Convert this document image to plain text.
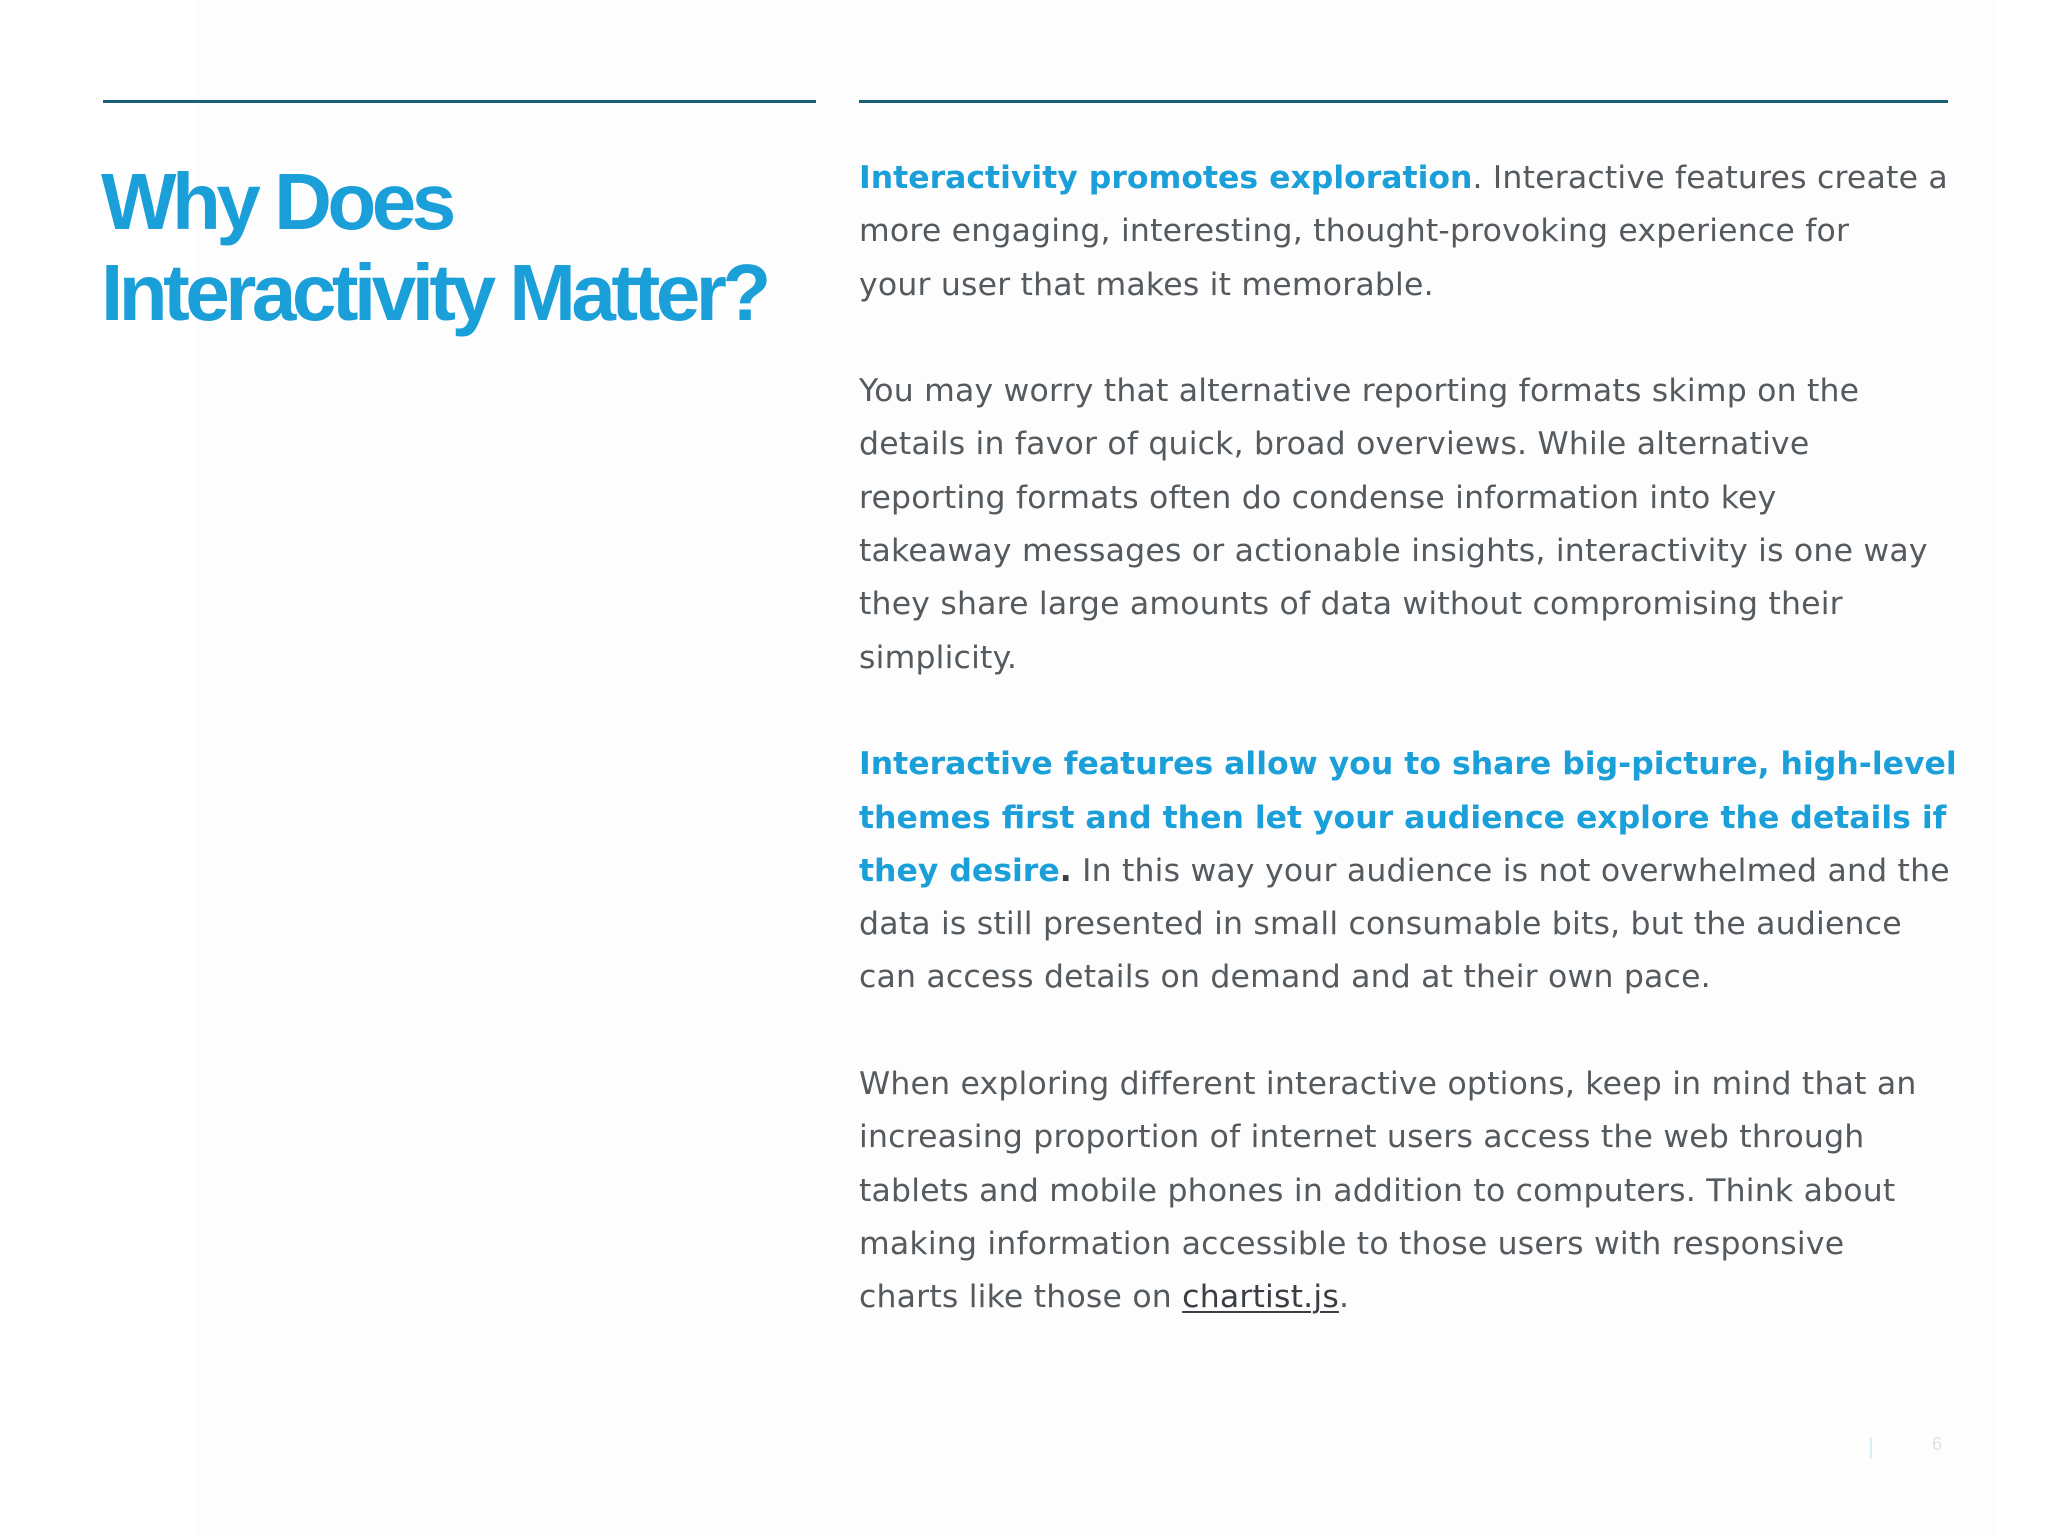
Why Does
Interactivity Matter?

Interactivity promotes exploration. Interactive features create a
more engaging, interesting, thought-provoking experience for
your user that makes it memorable.

You may worry that alternative reporting formats skimp on the
details in favor of quick, broad overviews. While alternative
reporting formats often do condense information into key
takeaway messages or actionable insights, interactivity is one way
they share large amounts of data without compromising their
simplicity.

Interactive features allow you to share big-picture, high-level
themes first and then let your audience explore the details if
they desire. In this way your audience is not overwhelmed and the
data is still presented in small consumable bits, but the audience
can access details on demand and at their own pace.

When exploring different interactive options, keep in mind that an
increasing proportion of internet users access the web through
tablets and mobile phones in addition to computers. Think about
making information accessible to those users with responsive
charts like those on chartist.js.

6
